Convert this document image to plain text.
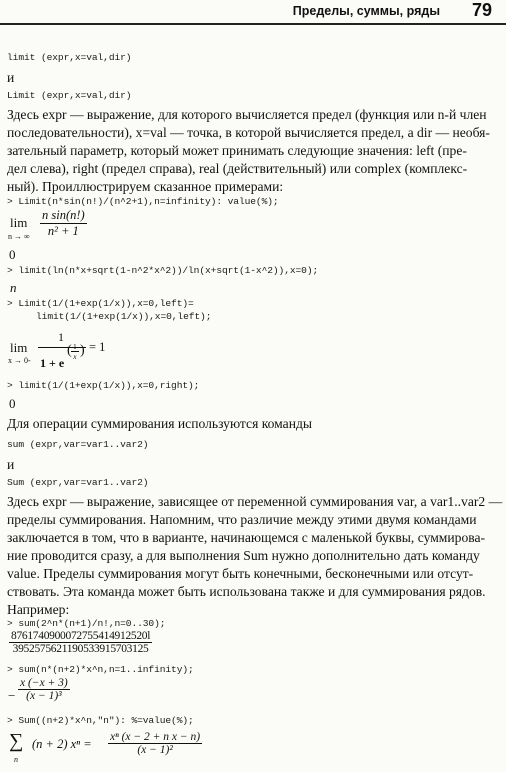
Пределы, суммы, ряды 79
limit (expr,x=val,dir)
и
Limit (expr,x=val,dir)
Здесь expr — выражение, для которого вычисляется предел (функция или n-й член
последовательности), x=val — точка, в которой вычисляется предел, a dir — необя-
зательный параметр, который может принимать следующие значения: left (пре-
дел слева), right (предел справа), real (действительный) или complex (комплекс-
ный). Проиллюстрируем сказанное примерами:
> Limit(n*sin(n!)/(n^2+1),n=infinity): value(%);
lim
n → ∞ $\frac{\text{n sin(n!)}}{\text{n² + 1}}$
0
> limit(ln(n*x+sqrt(1-n^2*x^2))/ln(x+sqrt(1-x^2)),x=0);
n
> Limit(1/(1+exp(1/x)),x=0,left)=
limit(1/(1+exp(1/x)),x=0,left);
lim
x → 0-
1
1 + e
( $\frac{1}{x}$ ) = 1
> limit(1/(1+exp(1/x)),x=0,right);
0
Для операции суммирования используются команды
sum (expr,var=var1..var2)
и
Sum (expr,var=var1..var2)
Здесь expr — выражение, зависящее от переменной суммирования var, a var1..var2 —
пределы суммирования. Напомним, что различие между этими двумя командами
заключается в том, что в варианте, начинающемся с маленькой буквы, суммирова-
ние проводится сразу, а для выполнения Sum нужно дополнительно дать команду
value. Пределы суммирования могут быть конечными, бесконечными или отсут-
ствовать. Эта команда может быть использована также и для суммирования рядов.
Например:
> sum(2^n*(n+1)/n!,n=0..30);
$\frac{8761740900072755414912520l}{3952575621190533915703125}$
> sum(n*(n+2)*x^n,n=1..infinity);
− $\frac{x (-x + 3)}{\text{(x − 1)³}}$
> Sum((n+2)*x^n,"n"): %=value(%);
∑
n
(n + 2) $x^n = \frac{\text{xⁿ (x − 2 + n x − n)}}{\text{(x − 1)²}}$
